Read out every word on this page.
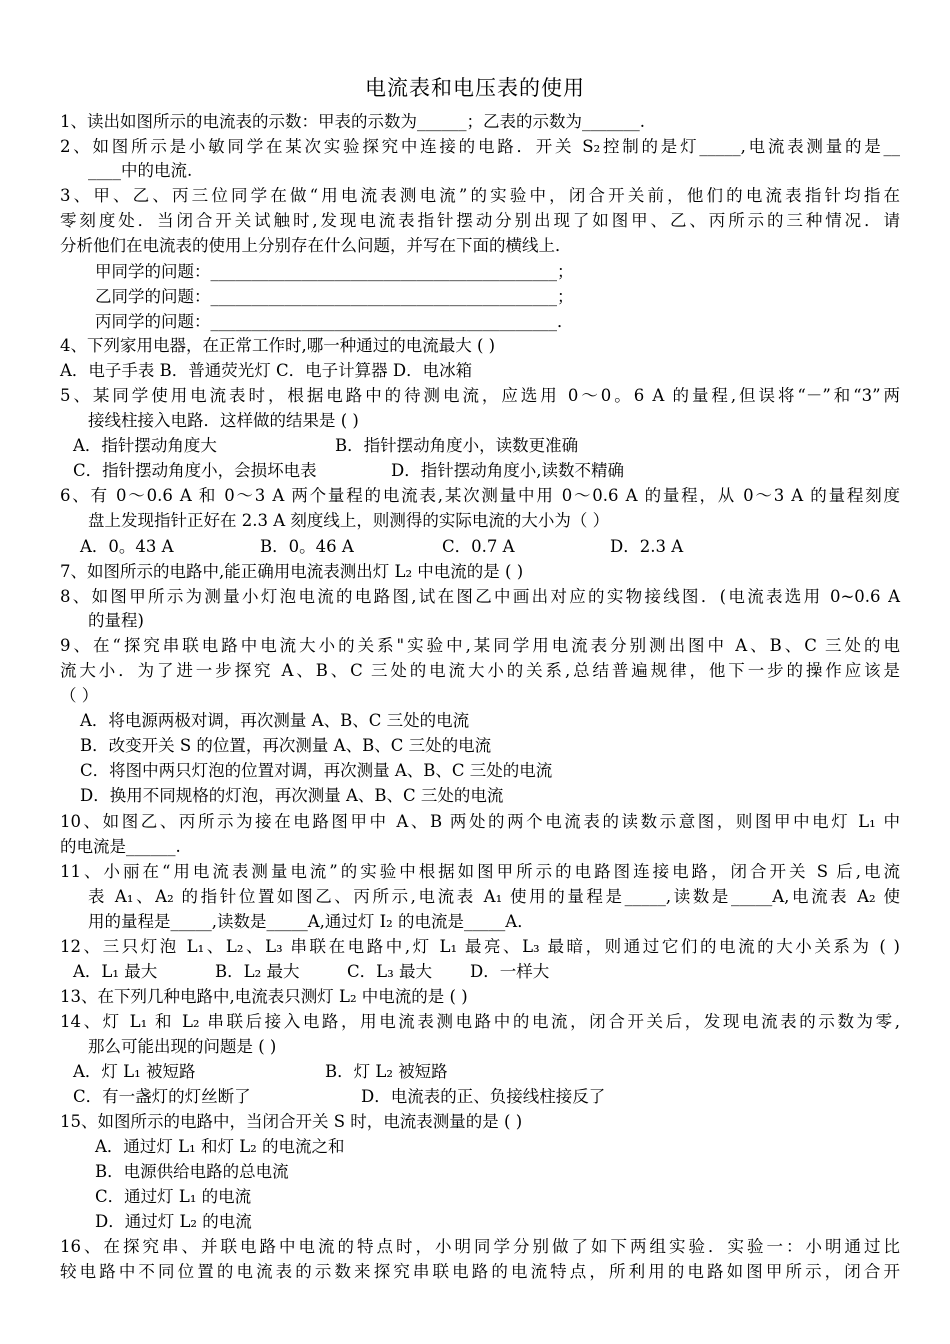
电流表和电压表的使用
1、读出如图所示的电流表的示数：甲表的示数为______；乙表的示数为_______.
2、如图所示是小敏同学在某次实验探究中连接的电路．开关 S₂控制的是灯_____,电流表测量的是__
____中的电流.
3、甲、乙、丙三位同学在做“用电流表测电流”的实验中，闭合开关前，他们的电流表指针均指在
零刻度处．当闭合开关试触时,发现电流表指针摆动分别出现了如图甲、乙、丙所示的三种情况．请
分析他们在电流表的使用上分别存在什么问题，并写在下面的横线上．
甲同学的问题：__________________________________________；
乙同学的问题：__________________________________________；
丙同学的问题：__________________________________________．
4、下列家用电器，在正常工作时,哪一种通过的电流最大 ( )
A．电子手表 B．普通荧光灯 C．电子计算器 D．电冰箱
5、某同学使用电流表时，根据电路中的待测电流，应选用 0～0。6 A 的量程,但误将“－”和“3”两
接线柱接入电路．这样做的结果是 ( )
A．指针摆动角度大	B．指针摆动角度小，读数更准确
C．指针摆动角度小，会损坏电表	D．指针摆动角度小,读数不精确
6、有 0～0.6 A 和 0～3 A 两个量程的电流表,某次测量中用 0～0.6 A 的量程，从 0～3 A 的量程刻度
盘上发现指针正好在 2.3 A 刻度线上，则测得的实际电流的大小为（ ）
A．0。43 A	B．0。46 A	C．0.7 A	D．2.3 A
7、如图所示的电路中,能正确用电流表测出灯 L₂ 中电流的是 ( )
8、如图甲所示为测量小灯泡电流的电路图,试在图乙中画出对应的实物接线图．(电流表选用 0~0.6 A
的量程)
9、在“探究串联电路中电流大小的关系"实验中,某同学用电流表分别测出图中 A、B、C 三处的电
流大小．为了进一步探究 A、B、C 三处的电流大小的关系,总结普遍规律，他下一步的操作应该是
（ ）
A．将电源两极对调，再次测量 A、B、C 三处的电流
B．改变开关 S 的位置，再次测量 A、B、C 三处的电流
C．将图中两只灯泡的位置对调，再次测量 A、B、C 三处的电流
D．换用不同规格的灯泡，再次测量 A、B、C 三处的电流
10、如图乙、丙所示为接在电路图甲中 A、B 两处的两个电流表的读数示意图，则图甲中电灯 L₁ 中
的电流是______.
11、小丽在“用电流表测量电流”的实验中根据如图甲所示的电路图连接电路，闭合开关 S 后,电流
表 A₁、A₂ 的指针位置如图乙、丙所示,电流表 A₁ 使用的量程是_____,读数是_____A,电流表 A₂ 使
用的量程是_____,读数是_____A,通过灯 I₂ 的电流是_____A．
12、三只灯泡 L₁、L₂、L₃ 串联在电路中,灯 L₁ 最亮、L₃ 最暗，则通过它们的电流的大小关系为 ( )
A．L₁ 最大	B．L₂ 最大	C．L₃ 最大 D．一样大
13、在下列几种电路中,电流表只测灯 L₂ 中电流的是 ( )
14、灯 L₁ 和 L₂ 串联后接入电路，用电流表测电路中的电流，闭合开关后，发现电流表的示数为零,
那么可能出现的问题是 ( )
A．灯 L₁ 被短路	B．灯 L₂ 被短路
C．有一盏灯的灯丝断了	D．电流表的正、负接线柱接反了
15、如图所示的电路中，当闭合开关 S 时，电流表测量的是 ( )
A．通过灯 L₁ 和灯 L₂ 的电流之和
B．电源供给电路的总电流
C．通过灯 L₁ 的电流
D．通过灯 L₂ 的电流
16、在探究串、并联电路中电流的特点时，小明同学分别做了如下两组实验．实验一：小明通过比
较电路中不同位置的电流表的示数来探究串联电路的电流特点，所利用的电路如图甲所示，闭合开
